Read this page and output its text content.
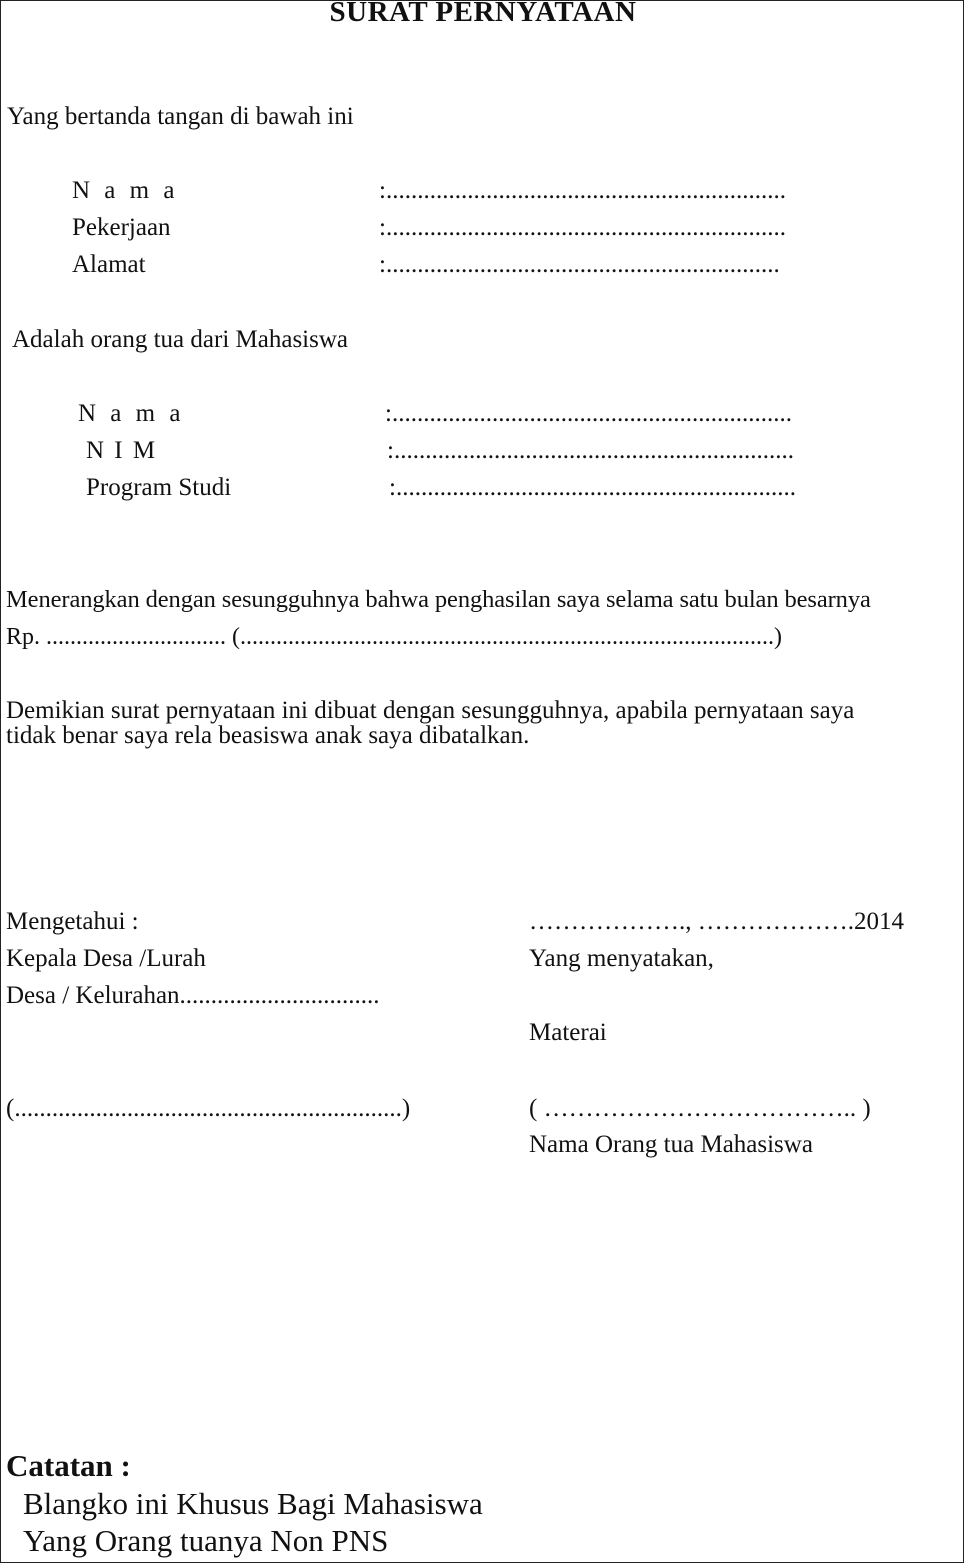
SURAT PERNYATAAN
Yang bertanda tangan di bawah ini
N a m a	:................................................................
Pekerjaan	:................................................................
Alamat	:...............................................................
Adalah orang tua dari Mahasiswa
N a m a	:................................................................
N I M	:................................................................
Program Studi	:................................................................
Menerangkan dengan sesungguhnya bahwa penghasilan saya selama satu bulan besarnya
Rp. .............................. (.........................................................................................)
Demikian surat pernyataan ini dibuat dengan sesungguhnya, apabila pernyataan saya
tidak benar saya rela beasiswa anak saya dibatalkan.
Mengetahui :
Kepala Desa /Lurah
Desa / Kelurahan................................
(..............................................................)
………………., ……………….2014
Yang menyatakan,
Materai
( ……………………………….. )
Nama Orang tua Mahasiswa
Catatan :
Blangko ini Khusus Bagi Mahasiswa
Yang Orang tuanya Non PNS
